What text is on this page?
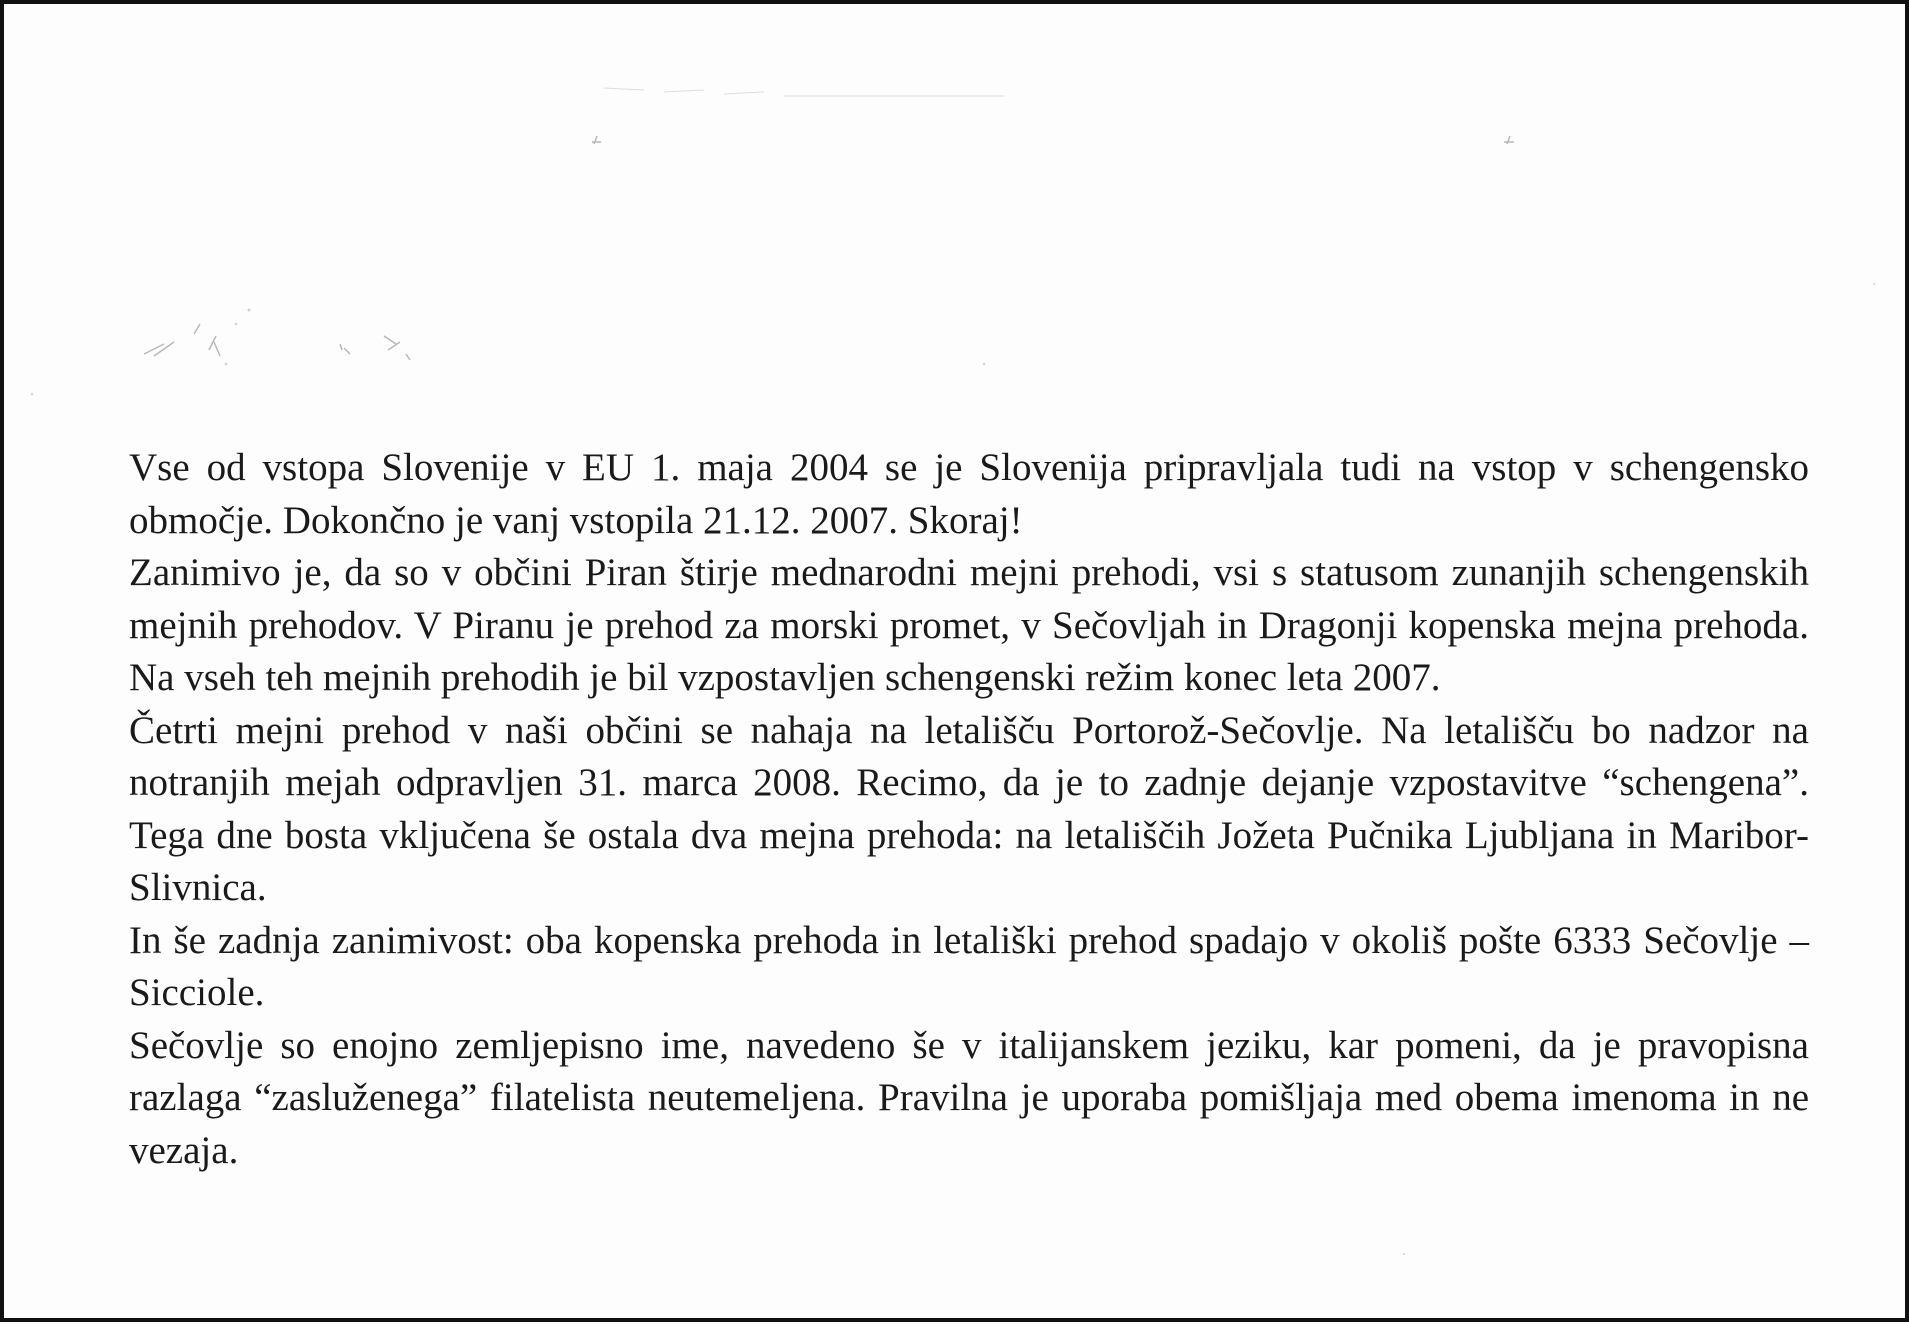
Vse od vstopa Slovenije v EU 1. maja 2004 se je Slovenija pripravljala tudi na vstop v schengensko območje. Dokončno je vanj vstopila 21.12. 2007. Skoraj!

Zanimivo je, da so v občini Piran štirje mednarodni mejni prehodi, vsi s statusom zunanjih schengenskih mejnih prehodov. V Piranu je prehod za morski promet, v Sečovljah in Dragonji kopenska mejna prehoda. Na vseh teh mejnih prehodih je bil vzpostavljen schengenski režim konec leta 2007.

Četrti mejni prehod v naši občini se nahaja na letališču Portorož-Sečovlje. Na letališču bo nadzor na notranjih mejah odpravljen 31. marca 2008. Recimo, da je to zadnje dejanje vzpostavitve “schengena”. Tega dne bosta vključena še ostala dva mejna prehoda: na letališčih Jožeta Pučnika Ljubljana in Maribor-Slivnica.

In še zadnja zanimivost: oba kopenska prehoda in letališki prehod spadajo v okoliš pošte 6333 Sečovlje – Sicciole.

Sečovlje so enojno zemljepisno ime, navedeno še v italijanskem jeziku, kar pomeni, da je pravopisna razlaga “zasluženega” filatelista neutemeljena. Pravilna je uporaba pomišljaja med obema imenoma in ne vezaja.
